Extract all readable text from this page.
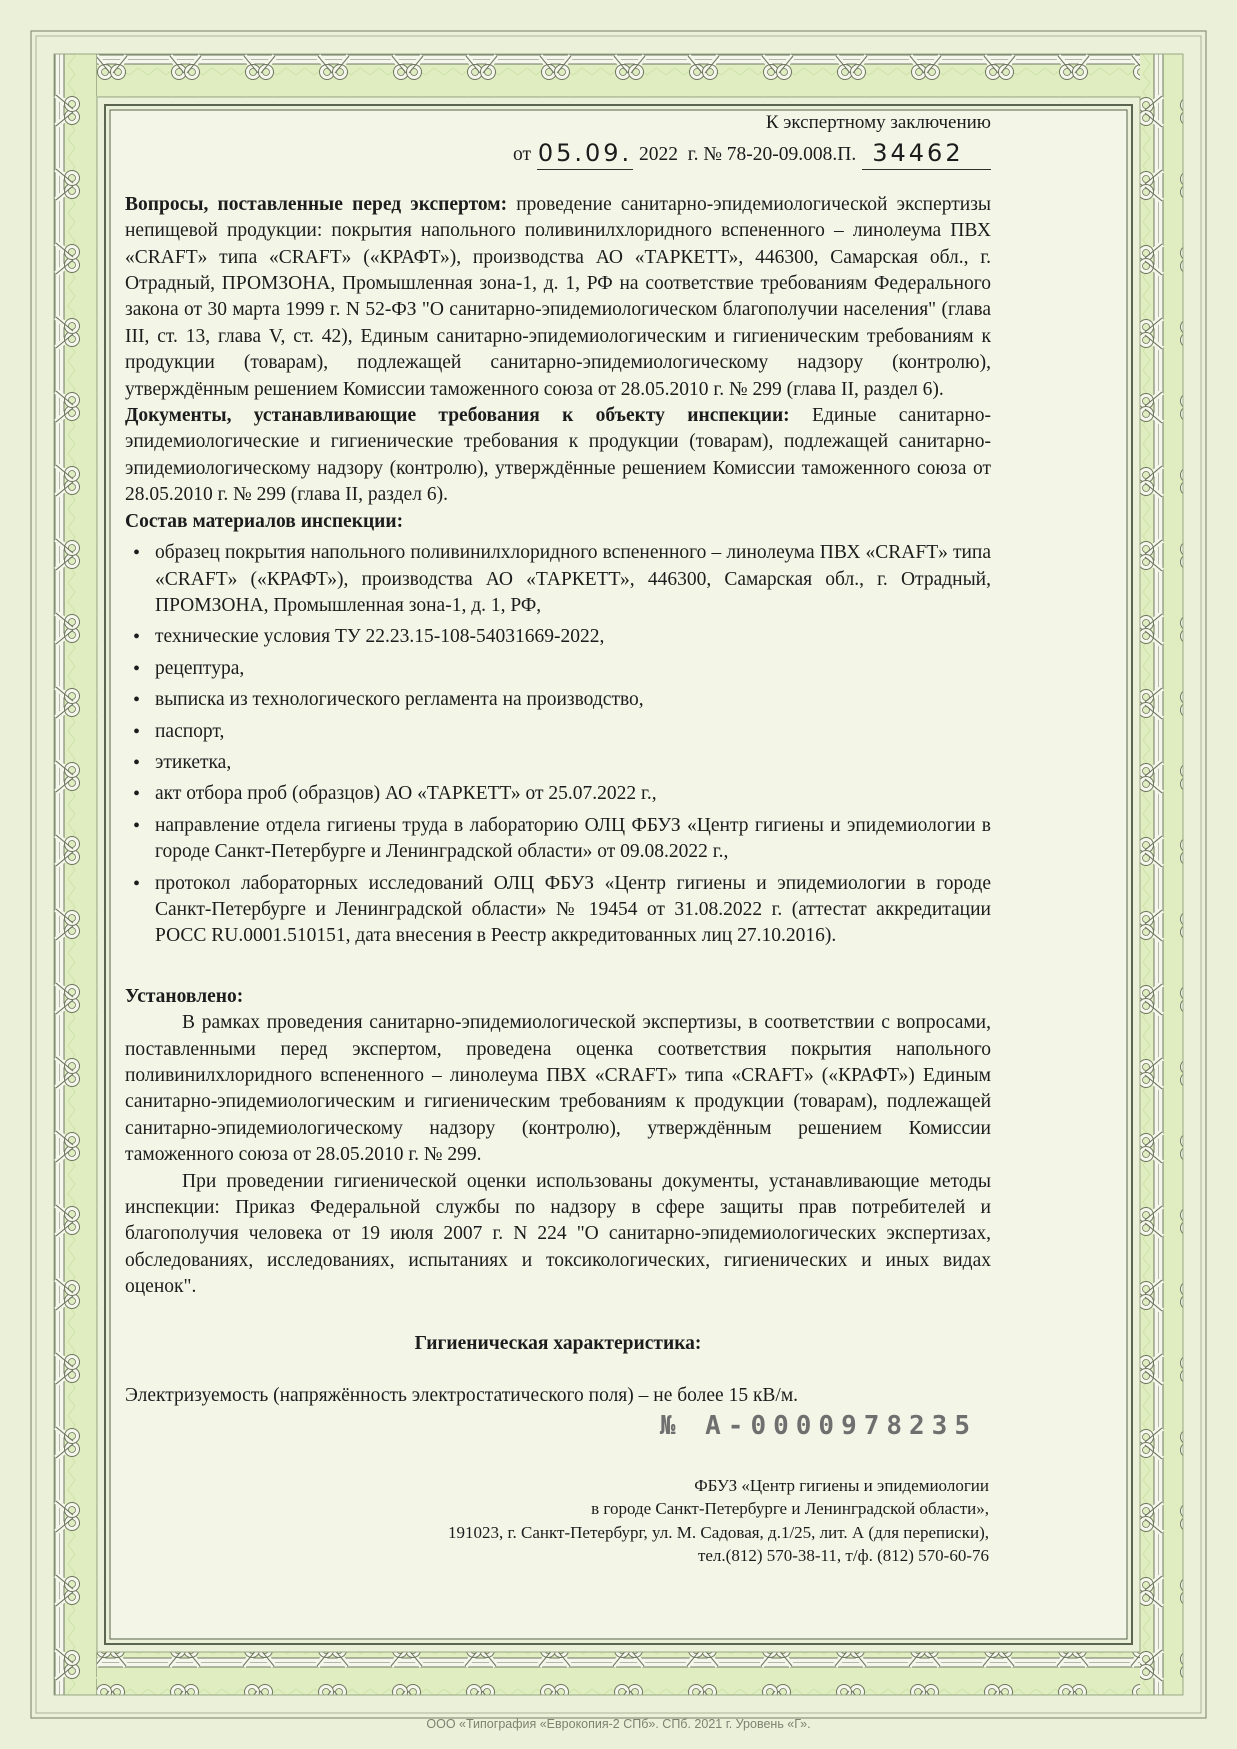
К экспертному заключению
от 05.09. 2022  г. № 78-20-09.008.П. 34462

Вопросы, поставленные перед экспертом: проведение санитарно-эпидемиологической экспертизы непищевой продукции: покрытия напольного поливинилхлоридного вспененного – линолеума ПВХ «CRAFT» типа «CRAFT» («КРАФТ»), производства АО «ТАРКЕТТ», 446300, Самарская обл., г. Отрадный, ПРОМЗОНА, Промышленная зона-1, д. 1, РФ на соответствие требованиям Федерального закона от 30 марта 1999 г. N 52-ФЗ "О санитарно-эпидемиологическом благополучии населения" (глава III, ст. 13, глава V, ст. 42), Единым санитарно-эпидемиологическим и гигиеническим требованиям к продукции (товарам), подлежащей санитарно-эпидемиологическому надзору (контролю), утверждённым решением Комиссии таможенного союза от 28.05.2010 г. № 299 (глава II, раздел 6).

Документы, устанавливающие требования к объекту инспекции: Единые санитарно-эпидемиологические и гигиенические требования к продукции (товарам), подлежащей санитарно-эпидемиологическому надзору (контролю), утверждённые решением Комиссии таможенного союза от 28.05.2010 г. № 299 (глава II, раздел 6).

Состав материалов инспекции:

• образец покрытия напольного поливинилхлоридного вспененного – линолеума ПВХ «CRAFT» типа «CRAFT» («КРАФТ»), производства АО «ТАРКЕТТ», 446300, Самарская обл., г. Отрадный, ПРОМЗОНА, Промышленная зона-1, д. 1, РФ,
• технические условия ТУ 22.23.15-108-54031669-2022,
• рецептура,
• выписка из технологического регламента на производство,
• паспорт,
• этикетка,
• акт отбора проб (образцов) АО «ТАРКЕТТ» от 25.07.2022 г.,
• направление отдела гигиены труда в лабораторию ОЛЦ ФБУЗ «Центр гигиены и эпидемиологии в городе Санкт-Петербурге и Ленинградской области» от 09.08.2022 г.,
• протокол лабораторных исследований ОЛЦ ФБУЗ «Центр гигиены и эпидемиологии в городе Санкт-Петербурге и Ленинградской области» № 19454 от 31.08.2022 г. (аттестат аккредитации РОСС RU.0001.510151, дата внесения в Реестр аккредитованных лиц 27.10.2016).

Установлено:

В рамках проведения санитарно-эпидемиологической экспертизы, в соответствии с вопросами, поставленными перед экспертом, проведена оценка соответствия покрытия напольного поливинилхлоридного вспененного – линолеума ПВХ «CRAFT» типа «CRAFT» («КРАФТ») Единым санитарно-эпидемиологическим и гигиеническим требованиям к продукции (товарам), подлежащей санитарно-эпидемиологическому надзору (контролю), утверждённым решением Комиссии таможенного союза от 28.05.2010 г. № 299.

При проведении гигиенической оценки использованы документы, устанавливающие методы инспекции: Приказ Федеральной службы по надзору в сфере защиты прав потребителей и благополучия человека от 19 июля 2007 г. N 224 "О санитарно-эпидемиологических экспертизах, обследованиях, исследованиях, испытаниях и токсикологических, гигиенических и иных видах оценок".

Гигиеническая характеристика:

Электризуемость (напряжённость электростатического поля) – не более 15 кВ/м.

№ А-0000978235
ФБУЗ «Центр гигиены и эпидемиологии
в городе Санкт-Петербурге и Ленинградской области»,
191023, г. Санкт-Петербург, ул. М. Садовая, д.1/25, лит. А (для переписки),
тел.(812) 570-38-11, т/ф. (812) 570-60-76
ООО «Типография «Еврокопия-2 СПб». СПб. 2021 г. Уровень «Г».
